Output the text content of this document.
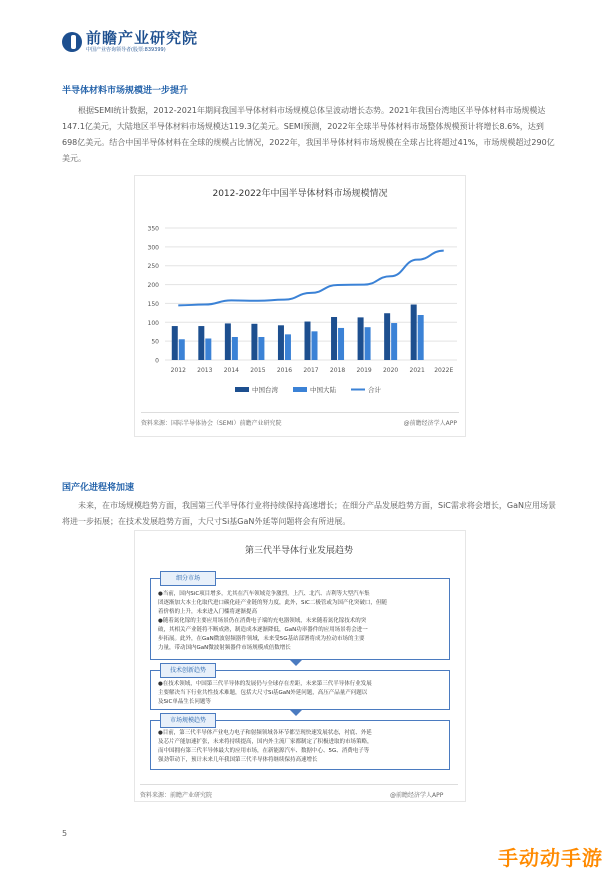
前瞻产业研究院
中国产业咨询领导者(股票:839399)
半导体材料市场规模进一步提升
根据SEMI统计数据，2012-2021年期间我国半导体材料市场规模总体呈波动增长态势。2021年我国台湾地区半导体材料市场规模达147.1亿美元，大陆地区半导体材料市场规模达119.3亿美元。SEMI预测，2022年全球半导体材料市场整体规模预计将增长8.6%，达到698亿美元。结合中国半导体材料在全球的规模占比情况，2022年，我国半导体材料市场规模在全球占比将超过41%，市场规模超过290亿美元。
2012-2022年中国半导体材料市场规模情况
0
50
100
150
200
250
300
350
2012 2013 2014 2015 2016 2017 2018 2019 2020 2021 2022E
中国台湾	中国大陆	合计
资料来源：国际半导体协会（SEMI）前瞻产业研究院	@前瞻经济学人APP
国产化进程将加速
未来，在市场规模趋势方面，我国第三代半导体行业将持续保持高速增长；在细分产品发展趋势方面，SiC需求将会增长，GaN应用场景将进一步拓展；在技术发展趋势方面，大尺寸Si基GaN外延等问题将会有所进展。
第三代半导体行业发展趋势
细分市场
●当前，国内SiC项目增多，尤其在汽车领域竞争激烈，上汽、北汽、吉利等大型汽车集
团逐渐加大本土化取代进口碳化硅产业链的努力度，此外，SiC二极管或为国产化突破口，但随
着价格的上升，未来进入门槛将逐渐提高
●随着氮化镓的主要应用场景仍在消费电子端的充电器领域，未来随着氮化镓技术的突
破，其相关产业链将不断成熟，制造成本逐渐降低，GaN功率器件的应用场景将会进一
步拓展。此外，在GaN微波射频器件领域，未来受5G基站部署将成为拉动市场的主要
力量，带动国内GaN微波射频器件市场规模成倍数增长
技术创新趋势
●在技术领域，中国第三代半导体的发展仍与全球存在差距，未来第三代半导体行业发展
主要解决当下行业共性技术难题，包括大尺寸Si基GaN外延问题，高压产品量产问题以
及SiC单晶生长问题等
市场规模趋势
●目前，第三代半导体产业电力电子和射频领域各环节都呈现快速发展状态，衬底、外延
及芯片产能加速扩张，未来将持续提高，国内外主流厂家都制定了积极进取的市场策略，
而中国拥有第三代半导体最大的应用市场，在新能源汽车、数据中心、5G、消费电子等
强劲带动下，预计未来几年我国第三代半导体将继续保持高速增长
资料来源：前瞻产业研究院	@前瞻经济学人APP
5
手动动手游
